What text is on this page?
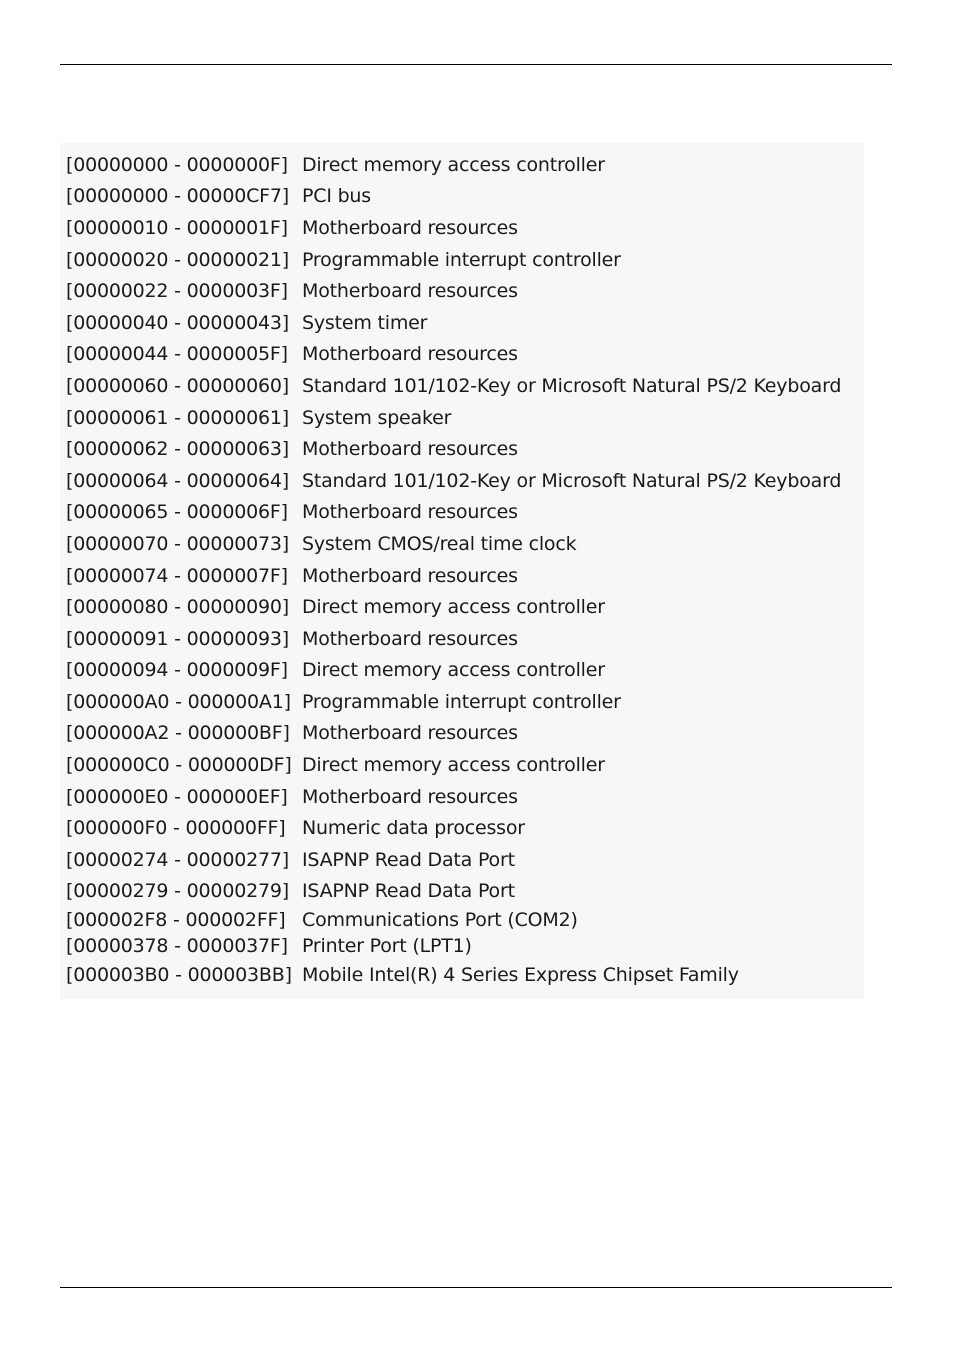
[00000000 - 0000000F] Direct memory access controller
[00000000 - 00000CF7] PCI bus
[00000010 - 0000001F] Motherboard resources
[00000020 - 00000021] Programmable interrupt controller
[00000022 - 0000003F] Motherboard resources
[00000040 - 00000043] System timer
[00000044 - 0000005F] Motherboard resources
[00000060 - 00000060] Standard 101/102-Key or Microsoft Natural PS/2 Keyboard
[00000061 - 00000061] System speaker
[00000062 - 00000063] Motherboard resources
[00000064 - 00000064] Standard 101/102-Key or Microsoft Natural PS/2 Keyboard
[00000065 - 0000006F] Motherboard resources
[00000070 - 00000073] System CMOS/real time clock
[00000074 - 0000007F] Motherboard resources
[00000080 - 00000090] Direct memory access controller
[00000091 - 00000093] Motherboard resources
[00000094 - 0000009F] Direct memory access controller
[000000A0 - 000000A1] Programmable interrupt controller
[000000A2 - 000000BF] Motherboard resources
[000000C0 - 000000DF] Direct memory access controller
[000000E0 - 000000EF] Motherboard resources
[000000F0 - 000000FF] Numeric data processor
[00000274 - 00000277] ISAPNP Read Data Port
[00000279 - 00000279] ISAPNP Read Data Port
[000002F8 - 000002FF] Communications Port (COM2)
[00000378 - 0000037F] Printer Port (LPT1)
[000003B0 - 000003BB] Mobile Intel(R) 4 Series Express Chipset Family
